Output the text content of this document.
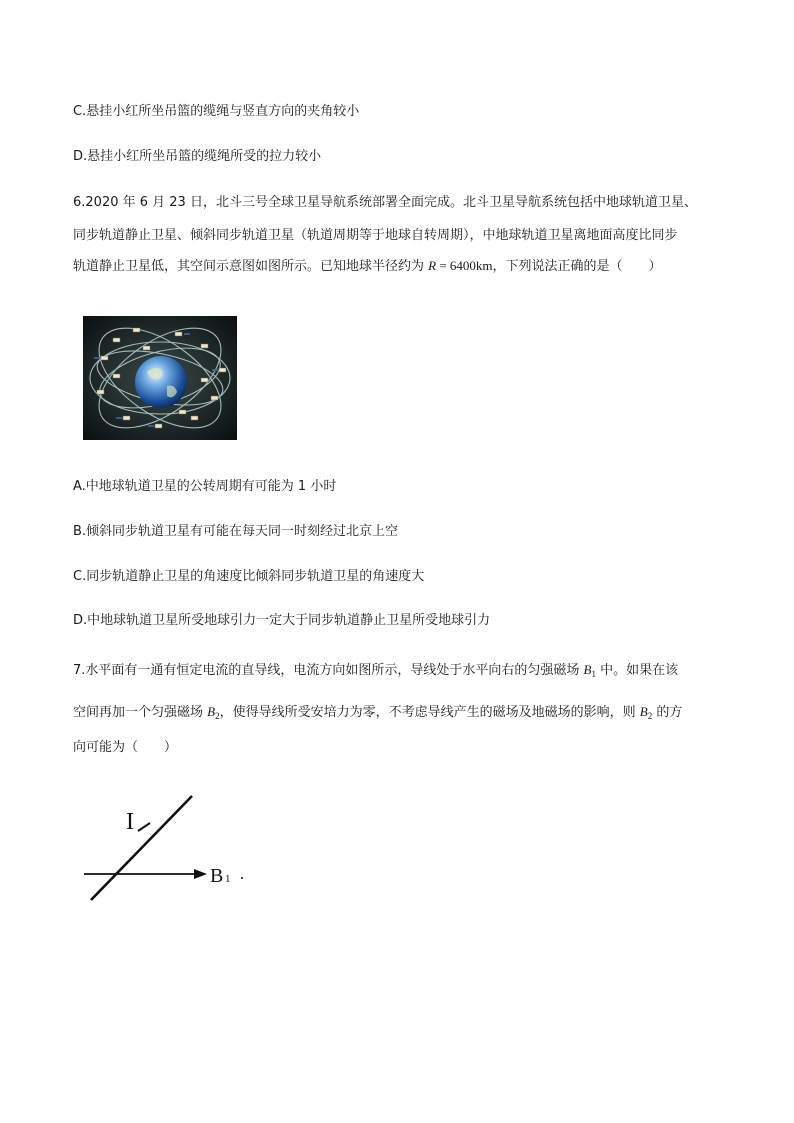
C.悬挂小红所坐吊篮的缆绳与竖直方向的夹角较小
D.悬挂小红所坐吊篮的缆绳所受的拉力较小
6.2020 年 6 月 23 日，北斗三号全球卫星导航系统部署全面完成。北斗卫星导航系统包括中地球轨道卫星、
同步轨道静止卫星、倾斜同步轨道卫星（轨道周期等于地球自转周期），中地球轨道卫星离地面高度比同步
轨道静止卫星低，其空间示意图如图所示。已知地球半径约为 R = 6400km，下列说法正确的是（　　）
A.中地球轨道卫星的公转周期有可能为 1 小时
B.倾斜同步轨道卫星有可能在每天同一时刻经过北京上空
C.同步轨道静止卫星的角速度比倾斜同步轨道卫星的角速度大
D.中地球轨道卫星所受地球引力一定大于同步轨道静止卫星所受地球引力
7.水平面有一通有恒定电流的直导线，电流方向如图所示，导线处于水平向右的匀强磁场 $B_1$ 中。如果在该
空间再加一个匀强磁场 $B_2$，使得导线所受安培力为零，不考虑导线产生的磁场及地磁场的影响，则 $B_2$ 的方
向可能为（　　）
I
B 1
